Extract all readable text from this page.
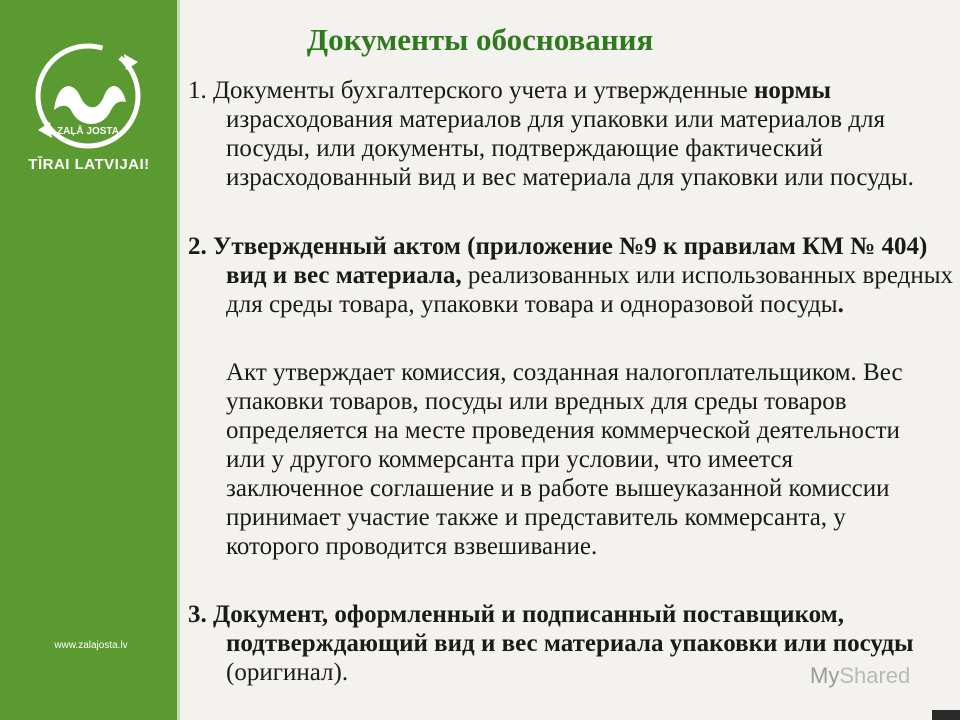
ZAĻĀ JOSTA
TĪRAI LATVIJAI!
www.zalajosta.lv
Документы обоснования
1. Документы бухгалтерского учета и утвержденные нормы израсходования материалов для упаковки или материалов для посуды, или документы, подтверждающие фактический израсходованный вид и вес материала для упаковки или посуды.
2. Утвержденный актом (приложение №9 к правилам КМ № 404) вид и вес материала, реализованных или использованных вредных для среды товара, упаковки товара и одноразовой посуды.
Акт утверждает комиссия, созданная налогоплательщиком. Вес упаковки товаров, посуды или вредных для среды товаров определяется на месте проведения коммерческой деятельности или у другого коммерсанта при условии, что имеется заключенное соглашение и в работе вышеуказанной комиссии принимает участие также и представитель коммерсанта, у которого проводится взвешивание.
3. Документ, оформленный и подписанный поставщиком, подтверждающий вид и вес материала упаковки или посуды (оригинал).	MyShared
